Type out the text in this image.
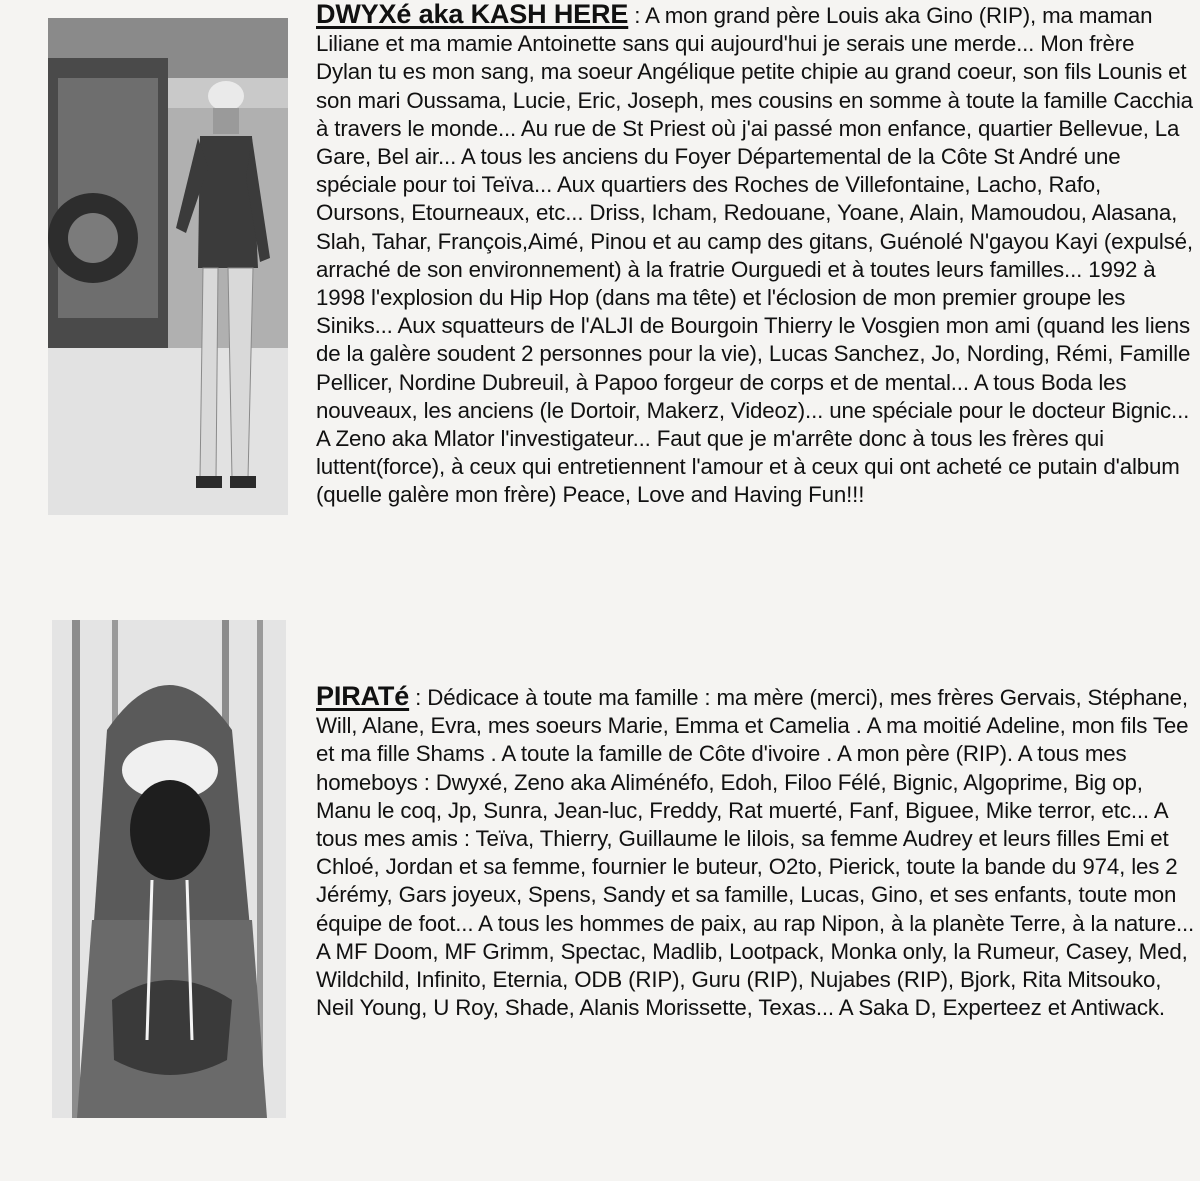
DWYXé aka KASH HERE : A mon grand père Louis aka Gino (RIP), ma maman Liliane et ma mamie Antoinette sans qui aujourd'hui je serais une merde... Mon frère Dylan tu es mon sang, ma soeur Angélique petite chipie au grand coeur, son fils Lounis et son mari Oussama, Lucie, Eric, Joseph, mes cousins en somme à toute la famille Cacchia à travers le monde... Au rue de St Priest où j'ai passé mon enfance, quartier Bellevue, La Gare, Bel air... A tous les anciens du Foyer Départemental de la Côte St André une spéciale pour toi Teïva... Aux quartiers des Roches de Villefontaine, Lacho, Rafo, Oursons, Etourneaux, etc... Driss, Icham, Redouane, Yoane, Alain, Mamoudou, Alasana, Slah, Tahar, François,Aimé, Pinou et au camp des gitans, Guénolé N'gayou Kayi (expulsé, arraché de son environnement) à la fratrie Ourguedi et à toutes leurs familles... 1992 à 1998 l'explosion du Hip Hop (dans ma tête) et l'éclosion de mon premier groupe les Siniks... Aux squatteurs de l'ALJI de Bourgoin Thierry le Vosgien mon ami (quand les liens de la galère soudent 2 personnes pour la vie), Lucas Sanchez, Jo, Nording, Rémi, Famille Pellicer, Nordine Dubreuil, à Papoo forgeur de corps et de mental... A tous Boda les nouveaux, les anciens (le Dortoir, Makerz, Videoz)... une spéciale pour le docteur Bignic... A Zeno aka Mlator l'investigateur... Faut que je m'arrête donc à tous les frères qui luttent(force), à ceux qui entretiennent l'amour et à ceux qui ont acheté ce putain d'album (quelle galère mon frère) Peace, Love and Having Fun!!!
PIRATé : Dédicace à toute ma famille : ma mère (merci), mes frères Gervais, Stéphane, Will, Alane, Evra, mes soeurs Marie, Emma et Camelia . A ma moitié Adeline, mon fils Tee et ma fille Shams . A toute la famille de Côte d'ivoire . A mon père (RIP). A tous mes homeboys : Dwyxé, Zeno aka Aliménéfo, Edoh, Filoo Félé, Bignic, Algoprime, Big op, Manu le coq, Jp, Sunra, Jean-luc, Freddy, Rat muerté, Fanf, Biguee, Mike terror, etc... A tous mes amis : Teïva, Thierry, Guillaume le lilois, sa femme Audrey et leurs filles Emi et Chloé, Jordan et sa femme, fournier le buteur, O2to, Pierick, toute la bande du 974, les 2 Jérémy, Gars joyeux, Spens, Sandy et sa famille, Lucas, Gino, et ses enfants, toute mon équipe de foot... A tous les hommes de paix, au rap Nipon, à la planète Terre, à la nature... A MF Doom, MF Grimm, Spectac, Madlib, Lootpack, Monka only, la Rumeur, Casey, Med, Wildchild, Infinito, Eternia, ODB (RIP), Guru (RIP), Nujabes (RIP), Bjork, Rita Mitsouko, Neil Young, U Roy, Shade, Alanis Morissette, Texas... A Saka D, Experteez et Antiwack.
